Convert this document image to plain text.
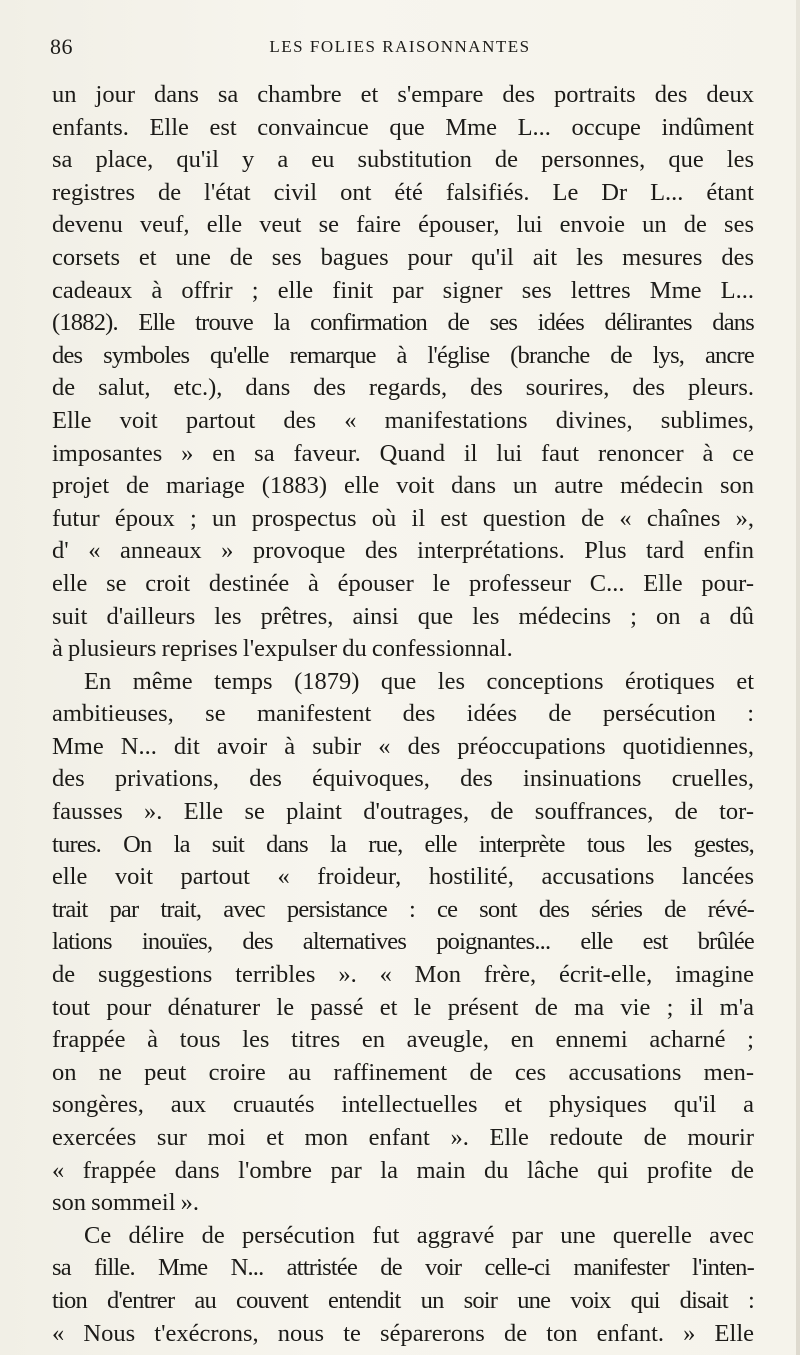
86	LES FOLIES RAISONNANTES
un jour dans sa chambre et s'empare des portraits des deux
enfants. Elle est convaincue que Mme L... occupe indûment
sa place, qu'il y a eu substitution de personnes, que les
registres de l'état civil ont été falsifiés. Le Dr L... étant
devenu veuf, elle veut se faire épouser, lui envoie un de ses
corsets et une de ses bagues pour qu'il ait les mesures des
cadeaux à offrir ; elle finit par signer ses lettres Mme L...
(1882). Elle trouve la confirmation de ses idées délirantes dans
des symboles qu'elle remarque à l'église (branche de lys, ancre
de salut, etc.), dans des regards, des sourires, des pleurs.
Elle voit partout des « manifestations divines, sublimes,
imposantes » en sa faveur. Quand il lui faut renoncer à ce
projet de mariage (1883) elle voit dans un autre médecin son
futur époux ; un prospectus où il est question de « chaînes »,
d' « anneaux » provoque des interprétations. Plus tard enfin
elle se croit destinée à épouser le professeur C... Elle pour-
suit d'ailleurs les prêtres, ainsi que les médecins ; on a dû
à plusieurs reprises l'expulser du confessionnal.
En même temps (1879) que les conceptions érotiques et
ambitieuses, se manifestent des idées de persécution :
Mme N... dit avoir à subir « des préoccupations quotidiennes,
des privations, des équivoques, des insinuations cruelles,
fausses ». Elle se plaint d'outrages, de souffrances, de tor-
tures. On la suit dans la rue, elle interprète tous les gestes,
elle voit partout « froideur, hostilité, accusations lancées
trait par trait, avec persistance : ce sont des séries de révé-
lations inouïes, des alternatives poignantes... elle est brûlée
de suggestions terribles ». « Mon frère, écrit-elle, imagine
tout pour dénaturer le passé et le présent de ma vie ; il m'a
frappée à tous les titres en aveugle, en ennemi acharné ;
on ne peut croire au raffinement de ces accusations men-
songères, aux cruautés intellectuelles et physiques qu'il a
exercées sur moi et mon enfant ». Elle redoute de mourir
« frappée dans l'ombre par la main du lâche qui profite de
son sommeil ».
Ce délire de persécution fut aggravé par une querelle avec
sa fille. Mme N... attristée de voir celle-ci manifester l'inten-
tion d'entrer au couvent entendit un soir une voix qui disait :
« Nous t'exécrons, nous te séparerons de ton enfant. » Elle
